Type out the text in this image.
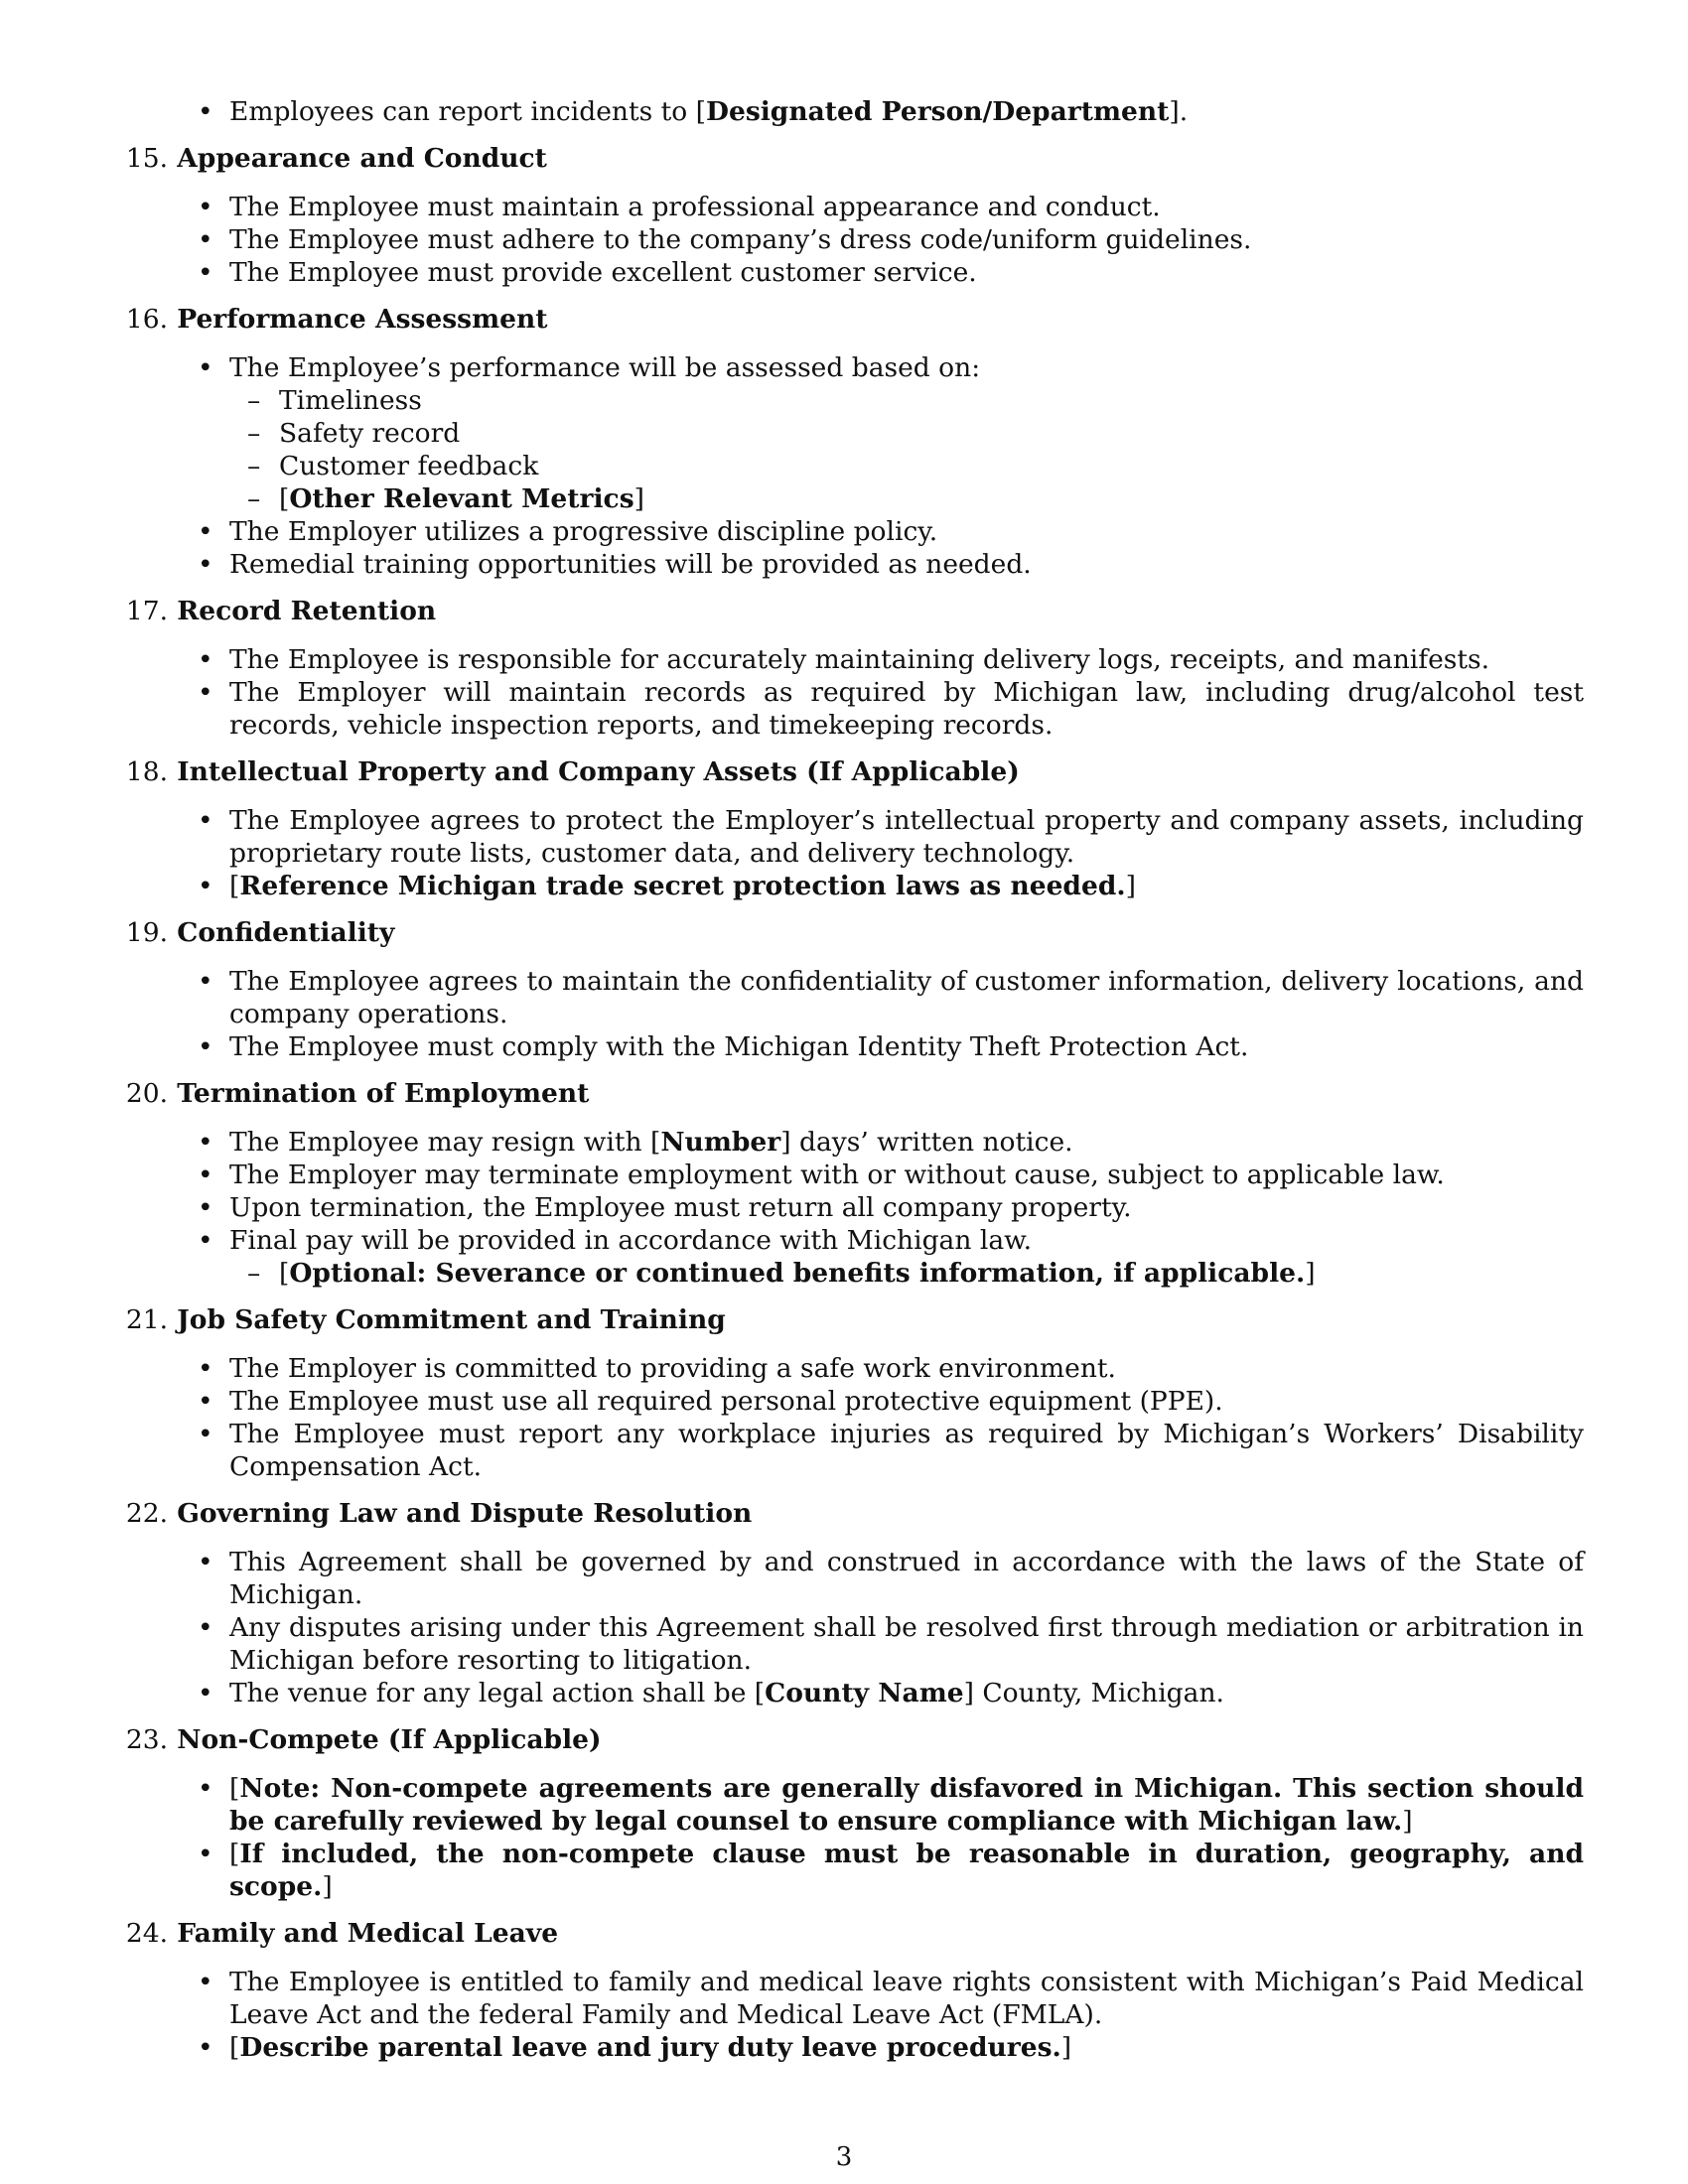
•
Employees can report incidents to [Designated Person/Department].
15.
Appearance and Conduct
•
The Employee must maintain a professional appearance and conduct.
•
The Employee must adhere to the company’s dress code/uniform guidelines.
•
The Employee must provide excellent customer service.
16.
Performance Assessment
•
The Employee’s performance will be assessed based on:
–
Timeliness
–
Safety record
–
Customer feedback
–
[Other Relevant Metrics]
•
The Employer utilizes a progressive discipline policy.
•
Remedial training opportunities will be provided as needed.
17.
Record Retention
•
The Employee is responsible for accurately maintaining delivery logs, receipts, and manifests.
•
The Employer will maintain records as required by Michigan law, including drug/alcohol test records, vehicle inspection reports, and timekeeping records.
18.
Intellectual Property and Company Assets (If Applicable)
•
The Employee agrees to protect the Employer’s intellectual property and company assets, including proprietary route lists, customer data, and delivery technology.
•
[Reference Michigan trade secret protection laws as needed.]
19.
Confidentiality
•
The Employee agrees to maintain the confidentiality of customer information, delivery locations, and company operations.
•
The Employee must comply with the Michigan Identity Theft Protection Act.
20.
Termination of Employment
•
The Employee may resign with [Number] days’ written notice.
•
The Employer may terminate employment with or without cause, subject to applicable law.
•
Upon termination, the Employee must return all company property.
•
Final pay will be provided in accordance with Michigan law.
–
[Optional: Severance or continued benefits information, if applicable.]
21.
Job Safety Commitment and Training
•
The Employer is committed to providing a safe work environment.
•
The Employee must use all required personal protective equipment (PPE).
•
The Employee must report any workplace injuries as required by Michigan’s Workers’ Disability Compensation Act.
22.
Governing Law and Dispute Resolution
•
This Agreement shall be governed by and construed in accordance with the laws of the State of Michigan.
•
Any disputes arising under this Agreement shall be resolved first through mediation or arbitration in Michigan before resorting to litigation.
•
The venue for any legal action shall be [County Name] County, Michigan.
23.
Non-Compete (If Applicable)
•
[Note: Non-compete agreements are generally disfavored in Michigan. This section should be carefully reviewed by legal counsel to ensure compliance with Michigan law.]
•
[If included, the non-compete clause must be reasonable in duration, geography, and scope.]
24.
Family and Medical Leave
•
The Employee is entitled to family and medical leave rights consistent with Michigan’s Paid Medical Leave Act and the federal Family and Medical Leave Act (FMLA).
•
[Describe parental leave and jury duty leave procedures.]
3
